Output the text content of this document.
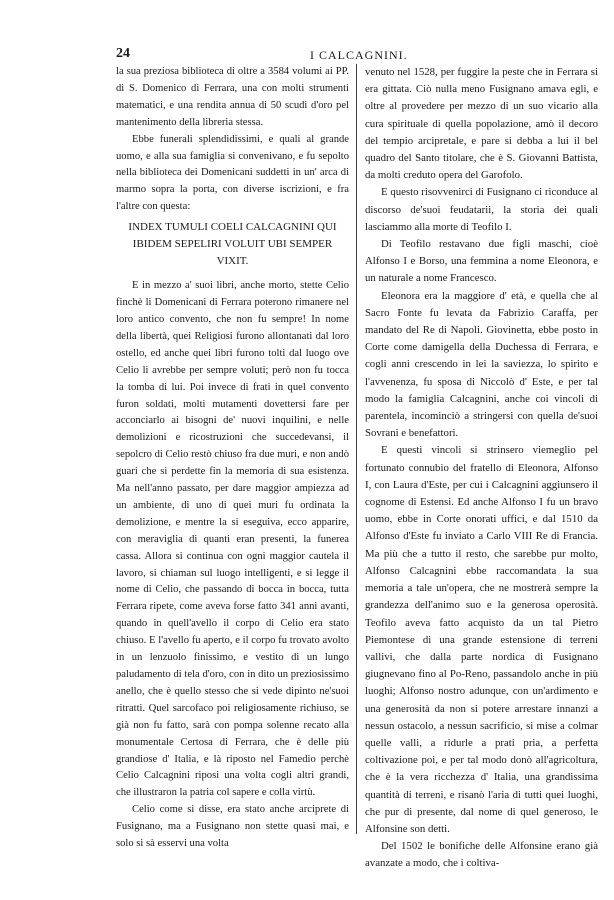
24	I CALCAGNINI.

la sua preziosa biblioteca di oltre a 3584 volumi ai PP. di S. Domenico di Ferrara, una con molti strumenti matematici, e una rendita annua di 50 scudi d'oro pel mantenimento della libreria stessa.

Ebbe funerali splendidissimi, e quali al grande uomo, e alla sua famiglia si convenivano, e fu sepolto nella biblioteca dei Domenicani suddetti in un' arca di marmo sopra la porta, con diverse iscrizioni, e fra l'altre con questa:

INDEX TUMULI COELI CALCAGNINI QUI IBIDEM SEPELIRI VOLUIT UBI SEMPER VIXIT.

E in mezzo a' suoi libri, anche morto, stette Celio finchè li Domenicani di Ferrara poterono rimanere nel loro antico convento, che non fu sempre! In nome della libertà, quei Religiosi furono allontanati dal loro ostello, ed anche quei libri furono tolti dal luogo ove Celio li avrebbe per sempre voluti; però non fu tocca la tomba di lui. Poi invece di frati in quel convento furon soldati, molti mutamenti dovettersi fare per acconciarlo ai bisogni de' nuovi inquilini, e nelle demolizioni e ricostruzioni che succedevansi, il sepolcro di Celio restò chiuso fra due muri, e non andò guari che si perdette fin la memoria di sua esistenza. Ma nell'anno passato, per dare maggior ampiezza ad un ambiente, di uno di quei muri fu ordinata la demolizione, e mentre la si eseguiva, ecco apparire, con meraviglia di quanti eran presenti, la funerea cassa. Allora si continua con ogni maggior cautela il lavoro, si chiaman sul luogo intelligenti, e si legge il nome di Celio, che passando di bocca in bocca, tutta Ferrara ripete, come aveva forse fatto 341 anni avanti, quando in quell'avello il corpo di Celio era stato chiuso. E l'avello fu aperto, e il corpo fu trovato avolto in un lenzuolo finissimo, e vestito di un lungo paludamento di tela d'oro, con in dito un preziosissimo anello, che è quello stesso che si vede dipinto ne'suoi ritratti. Quel sarcofaco poi religiosamente richiuso, se già non fu fatto, sarà con pompa solenne recato alla monumentale Certosa di Ferrara, che è delle più grandiose d' Italia, e là riposto nel Famedio perchè Celio Calcagnini riposi una volta cogli altri grandi, che illustraron la patria col sapere e colla virtù.

Celio come si disse, era stato anche arciprete di Fusignano, ma a Fusignano non stette quasi mai, e solo si sà esservi una volta

venuto nel 1528, per fuggire la peste che in Ferrara si era gittata. Ciò nulla meno Fusignano amava egli, e oltre al provedere per mezzo di un suo vicario alla cura spirituale di quella popolazione, amò il decoro del tempio arcipretale, e pare si debba a lui il bel quadro del Santo titolare, che è S. Giovanni Battista, da molti creduto opera del Garofolo.

E questo risovvenirci di Fusignano ci riconduce al discorso de'suoi feudatarii, la storia dei quali lasciammo alla morte di Teofilo I.

Di Teofilo restavano due figli maschi, cioè Alfonso I e Borso, una femmina a nome Eleonora, e un naturale a nome Francesco.

Eleonora era la maggiore d' età, e quella che al Sacro Fonte fu levata da Fabrizio Caraffa, per mandato del Re di Napoli. Giovinetta, ebbe posto in Corte come damigella della Duchessa di Ferrara, e cogli anni crescendo in lei la saviezza, lo spirito e l'avvenenza, fu sposa di Niccolò d' Este, e per tal modo la famiglia Calcagnini, anche coi vincoli di parentela, incominciò a stringersi con quella de'suoi Sovrani e benefattori.

E questi vincoli si strinsero viemeglio pel fortunato connubio del fratello di Eleonora, Alfonso I, con Laura d'Este, per cui i Calcagnini aggiunsero il cognome di Estensi. Ed anche Alfonso I fu un bravo uomo, ebbe in Corte onorati uffici, e dal 1510 da Alfonso d'Este fu inviato a Carlo VIII Re di Francia. Ma più che a tutto il resto, che sarebbe pur molto, Alfonso Calcagnini ebbe raccomandata la sua memoria a tale un'opera, che ne mostrerà sempre la grandezza dell'animo suo e la generosa operosità. Teofilo aveva fatto acquisto da un tal Pietro Piemontese di una grande estensione di terreni vallivi, che dalla parte nordica di Fusignano giugnevano fino al Po-Reno, passandolo anche in più luoghi; Alfonso nostro adunque, con un'ardimento e una generosità da non si potere arrestare innanzi a nessun ostacolo, a nessun sacrificio, si mise a colmar quelle valli, a ridurle a prati pria, a perfetta coltivazione poi, e per tal modo donò all'agricoltura, che è la vera ricchezza d' Italia, una grandissima quantità di terreni, e risanò l'aria di tutti quei luoghi, che pur di presente, dal nome di quel generoso, le Alfonsine son detti.

Del 1502 le bonifiche delle Alfonsine erano già avanzate a modo, che i coltiva-
